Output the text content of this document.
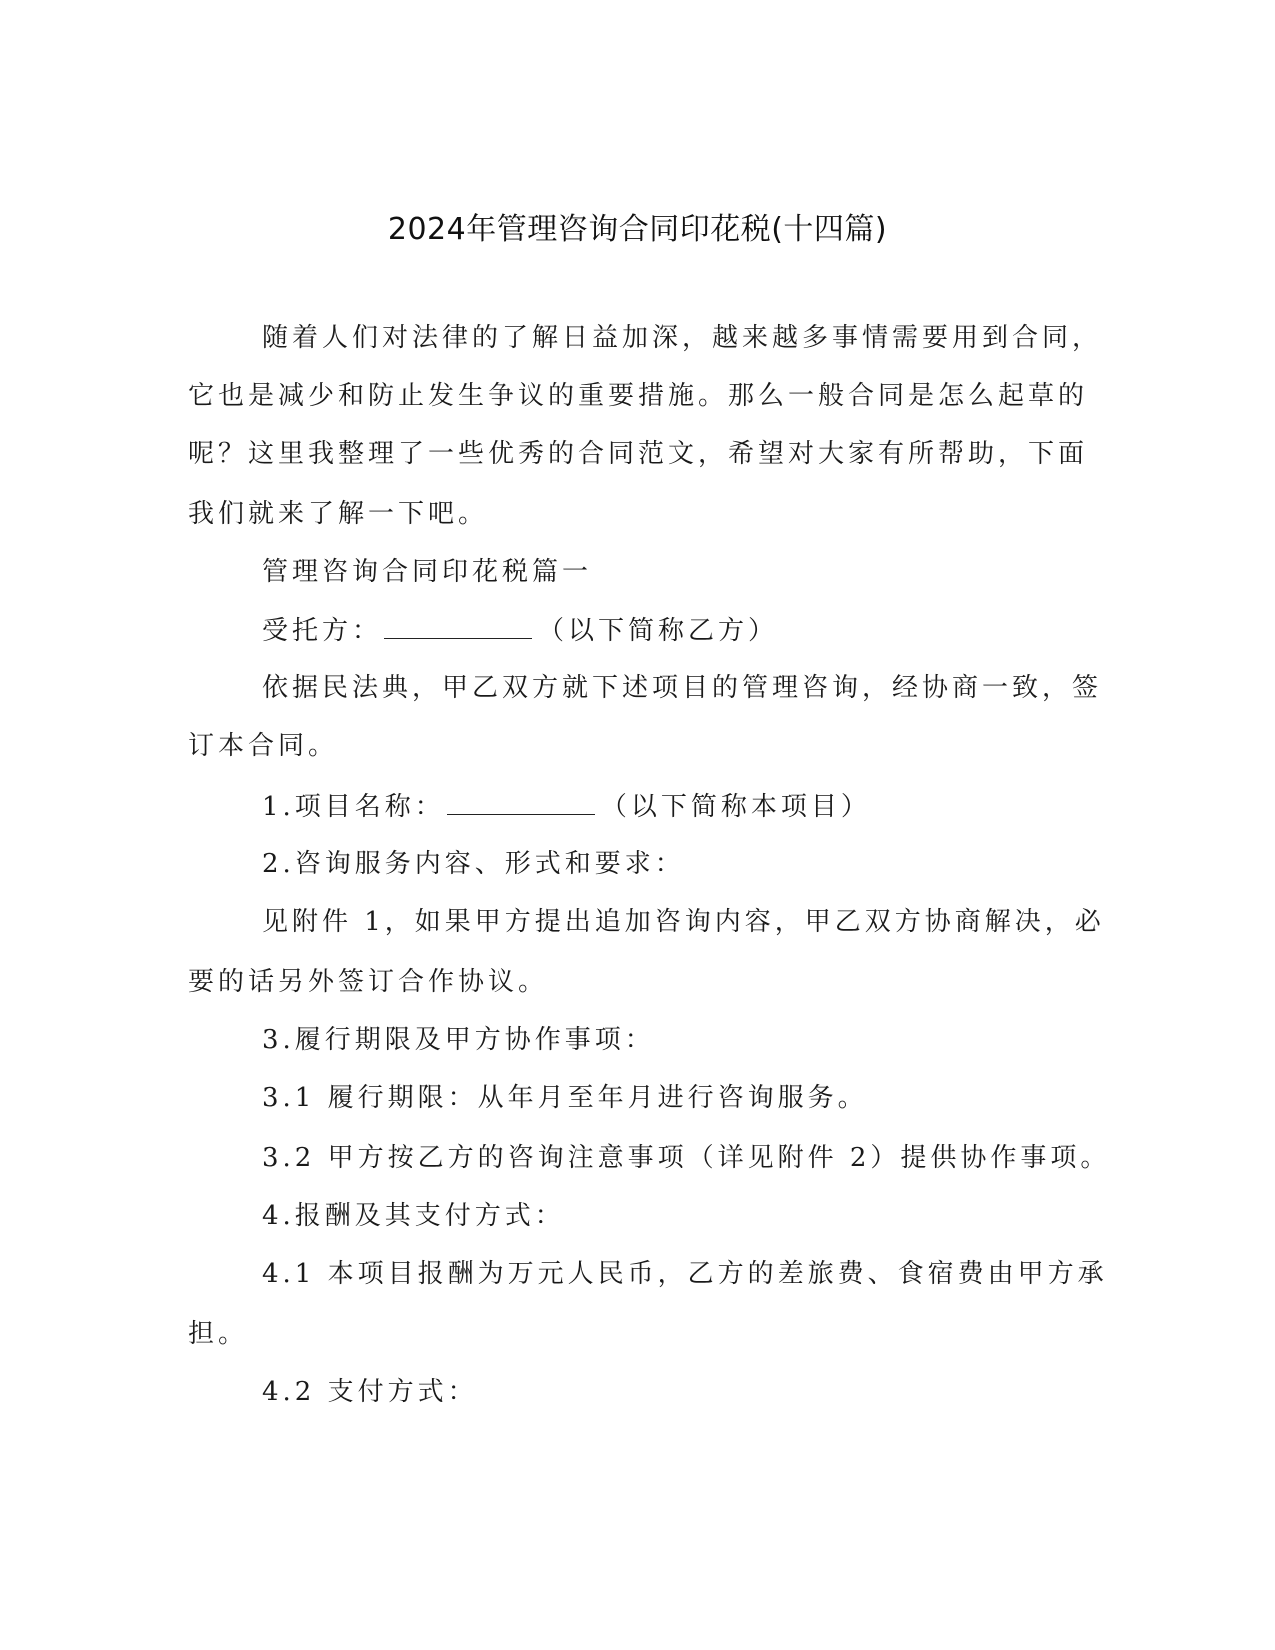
2024年管理咨询合同印花税(十四篇)
随着人们对法律的了解日益加深，越来越多事情需要用到合同，
它也是减少和防止发生争议的重要措施。那么一般合同是怎么起草的
呢？这里我整理了一些优秀的合同范文，希望对大家有所帮助，下面
我们就来了解一下吧。
管理咨询合同印花税篇一
受托方：	（以下简称乙方）
依据民法典，甲乙双方就下述项目的管理咨询，经协商一致，签
订本合同。
1.项目名称：	（以下简称本项目）
2.咨询服务内容、形式和要求：
见附件 1，如果甲方提出追加咨询内容，甲乙双方协商解决，必
要的话另外签订合作协议。
3.履行期限及甲方协作事项：
3.1 履行期限：从年月至年月进行咨询服务。
3.2 甲方按乙方的咨询注意事项（详见附件 2）提供协作事项。
4.报酬及其支付方式：
4.1 本项目报酬为万元人民币，乙方的差旅费、食宿费由甲方承
担。
4.2 支付方式：
